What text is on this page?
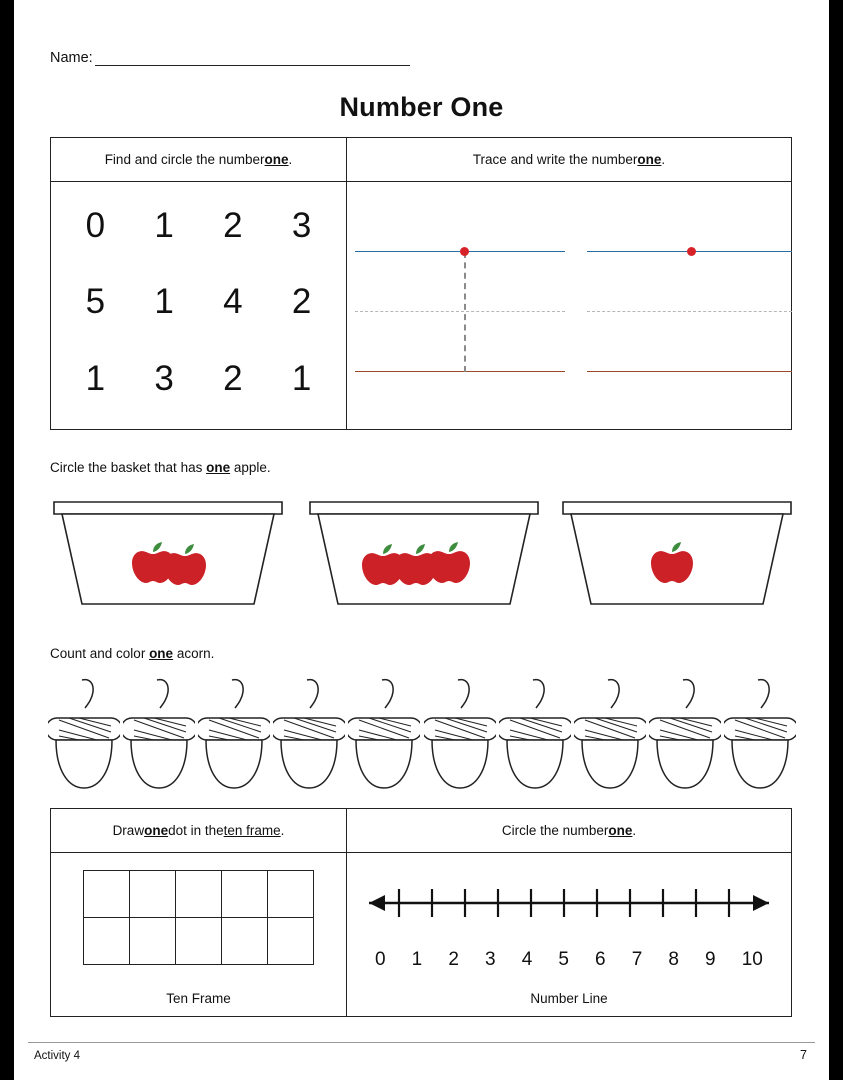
Name:
Number One
Find and circle the number one .
0 1 2 3
5 1 4 2
1 3 2 1
Trace and write the number one .
Circle the basket that has one apple.
Count and color one acorn.
Draw one dot in the ten frame .
Ten Frame
Circle the number one .
0 1 2 3 4 5 6 7 8 9 10
Number Line
Activity 4	7
